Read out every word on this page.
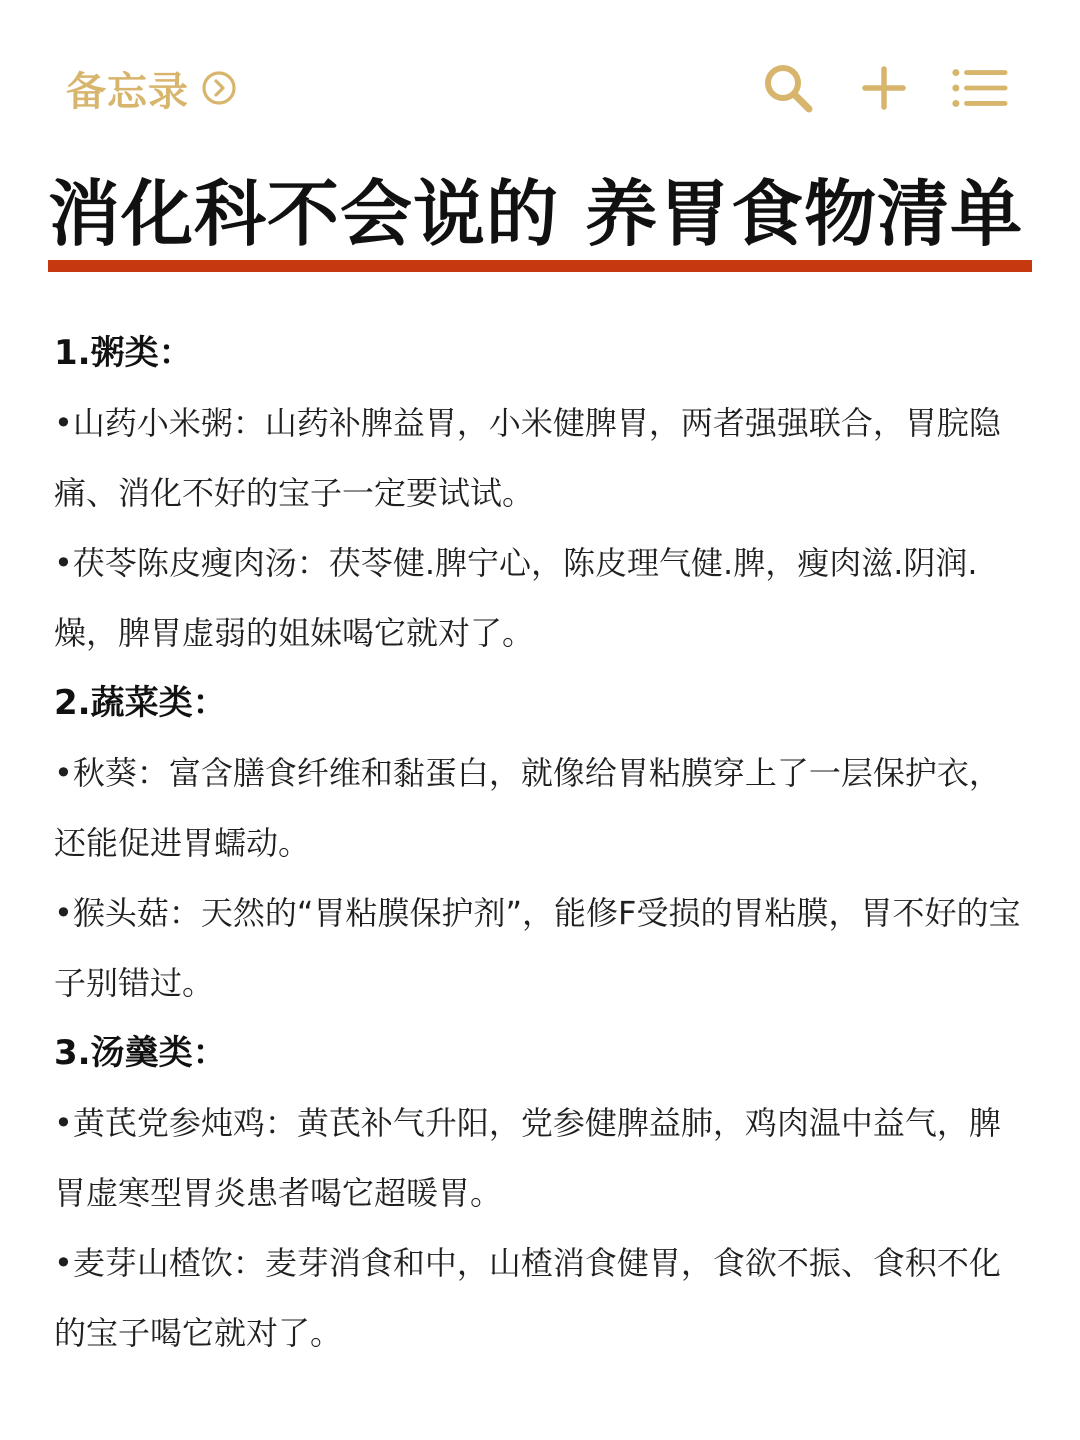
备忘录
消化科不会说的 养胃食物清单
1.粥类：
•山药小米粥：山药补脾益胃，小米健脾胃，两者强强联合，胃脘隐痛、消化不好的宝子一定要试试。
•茯苓陈皮瘦肉汤：茯苓健.脾宁心，陈皮理气健.脾，瘦肉滋.阴润.燥，脾胃虚弱的姐妹喝它就对了。
2.蔬菜类：
•秋葵：富含膳食纤维和黏蛋白，就像给胃粘膜穿上了一层保护衣，还能促进胃蠕动。
•猴头菇：天然的“胃粘膜保护剂”，能修F受损的胃粘膜，胃不好的宝子别错过。
3.汤羹类：
•黄芪党参炖鸡：黄芪补气升阳，党参健脾益肺，鸡肉温中益气，脾胃虚寒型胃炎患者喝它超暖胃。
•麦芽山楂饮：麦芽消食和中，山楂消食健胃，食欲不振、食积不化的宝子喝它就对了。
